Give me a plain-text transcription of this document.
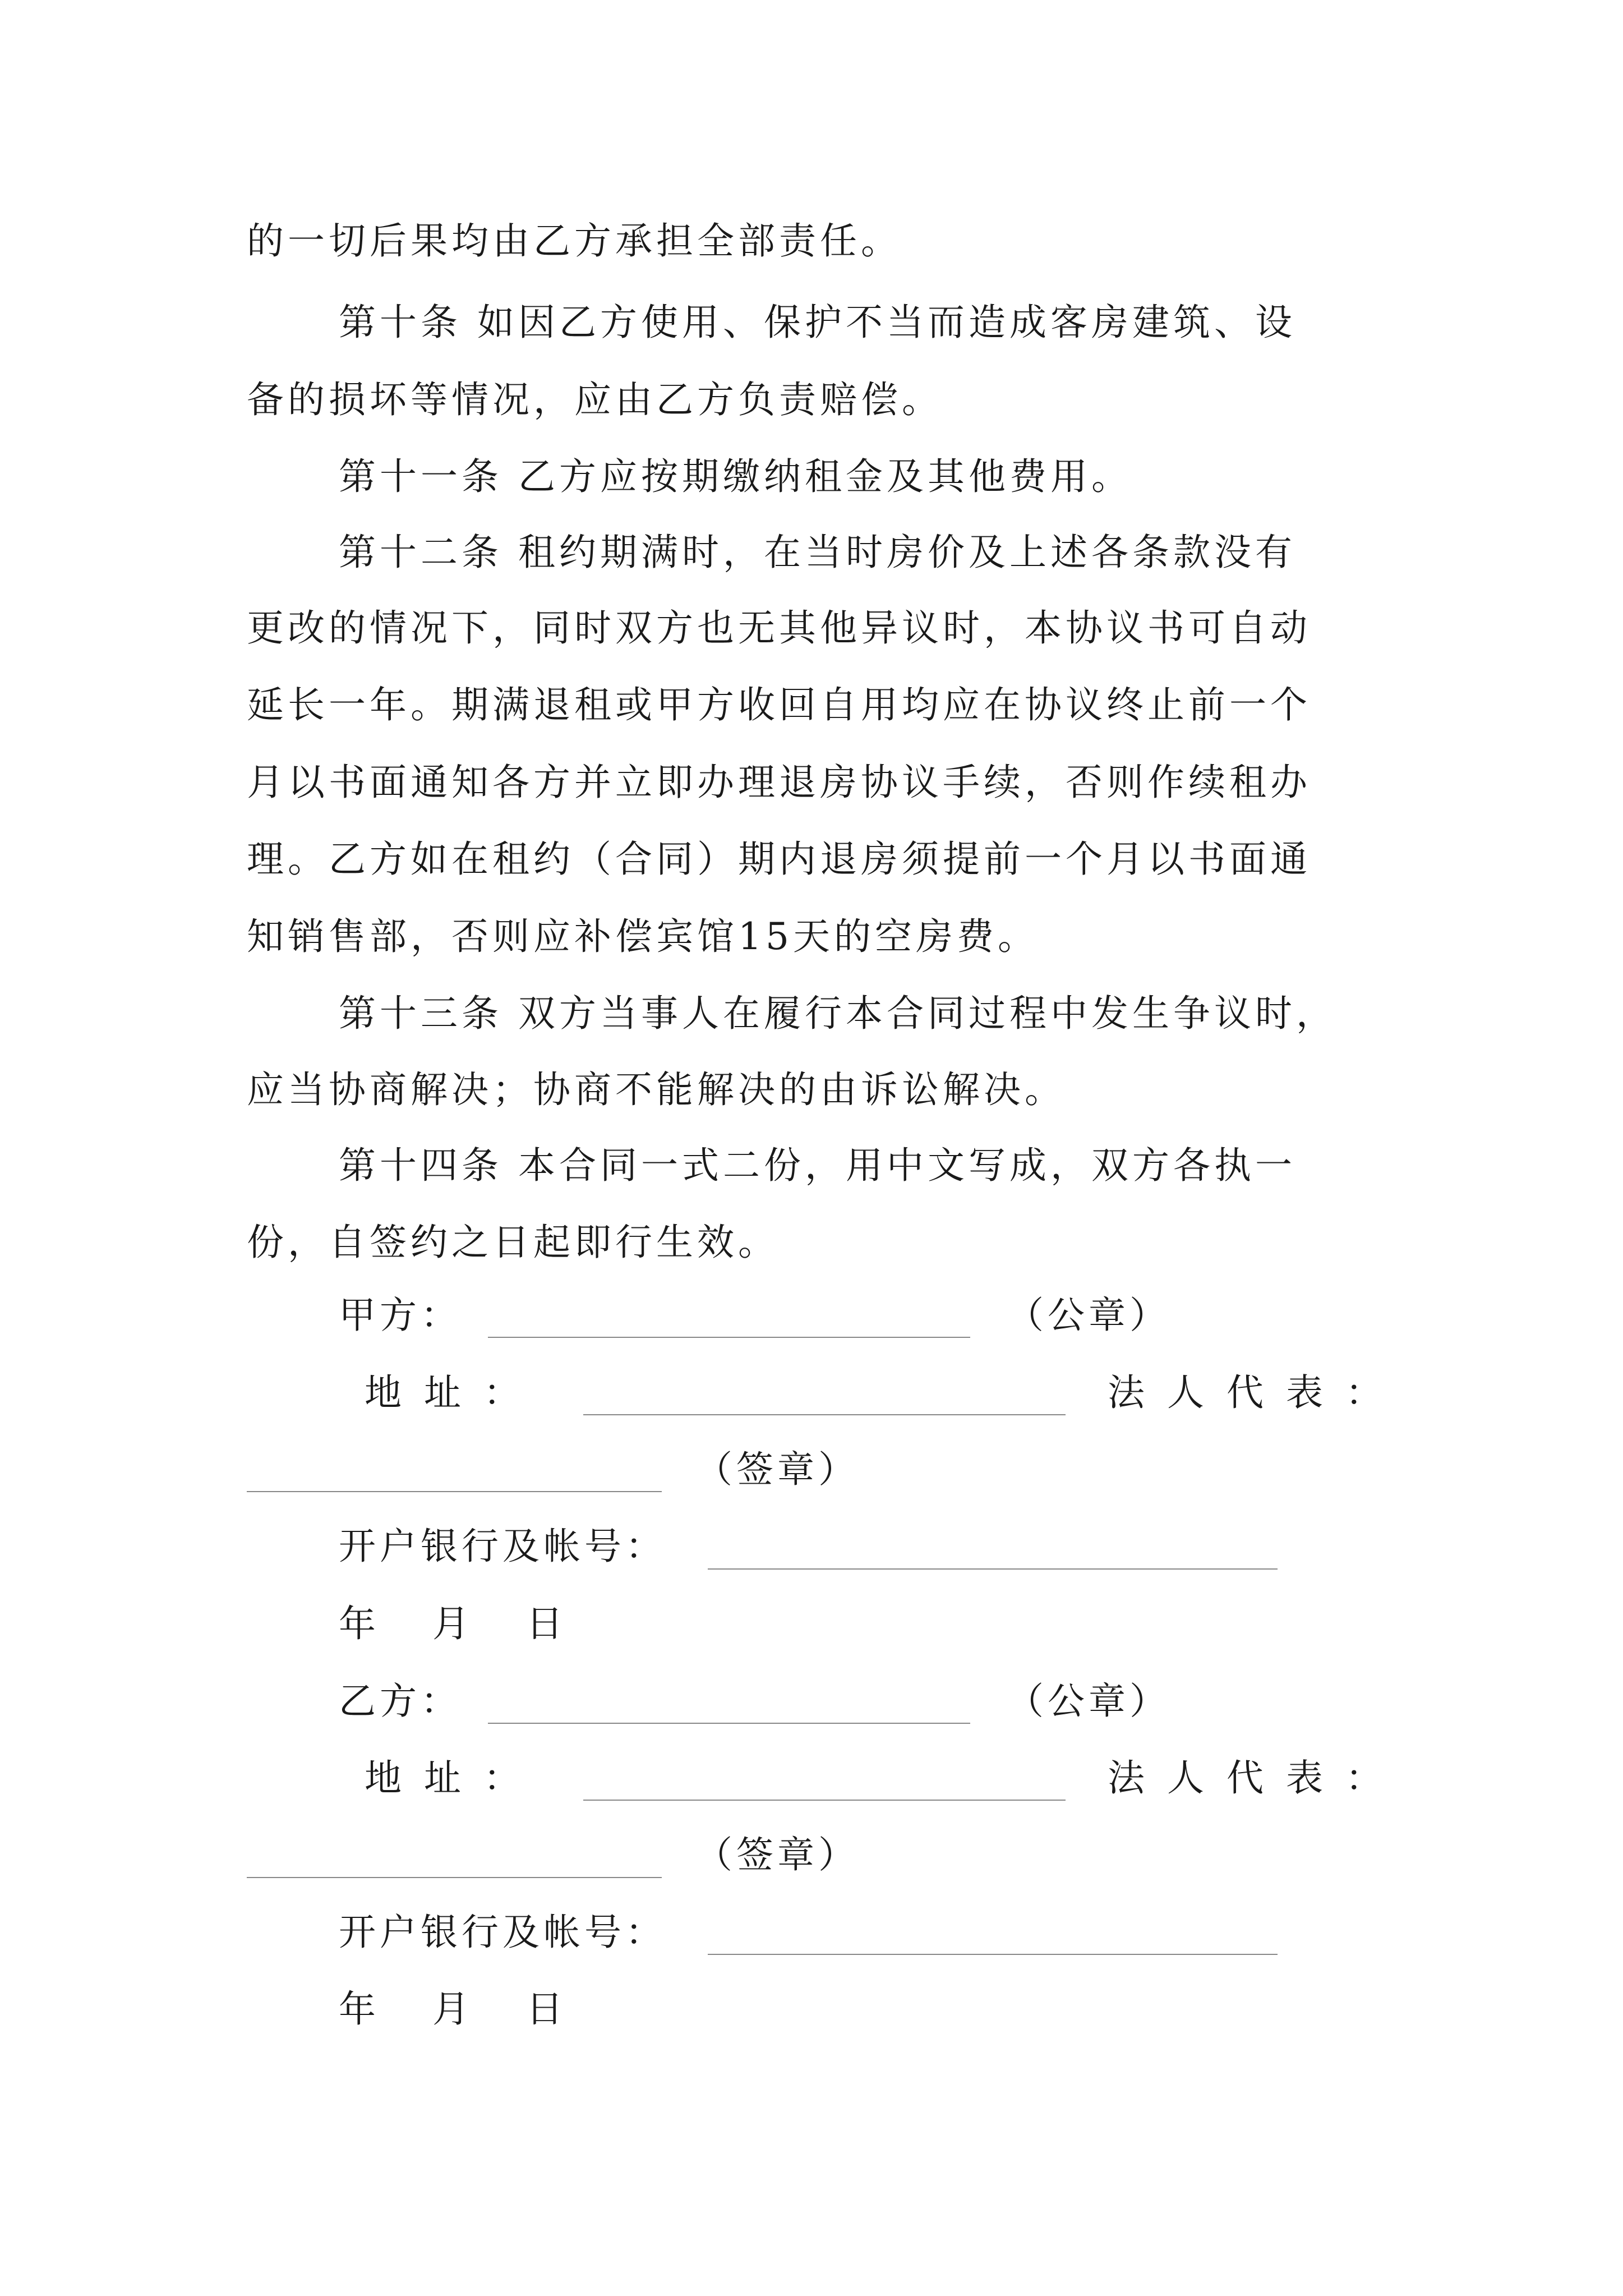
的一切后果均由乙方承担全部责任。
第十条 如因乙方使用、保护不当而造成客房建筑、设
备的损坏等情况，应由乙方负责赔偿。
第十一条 乙方应按期缴纳租金及其他费用。
第十二条 租约期满时，在当时房价及上述各条款没有
更改的情况下，同时双方也无其他异议时，本协议书可自动
延长一年。期满退租或甲方收回自用均应在协议终止前一个
月以书面通知各方并立即办理退房协议手续，否则作续租办
理。乙方如在租约（合同）期内退房须提前一个月以书面通
知销售部，否则应补偿宾馆15天的空房费。
第十三条 双方当事人在履行本合同过程中发生争议时，
应当协商解决；协商不能解决的由诉讼解决。
第十四条 本合同一式二份，用中文写成，双方各执一
份，自签约之日起即行生效。
甲方：	（公章）
地址：	法人代表：
（签章）
开户银行及帐号：
年 月 日
乙方：	（公章）
地址：	法人代表：
（签章）
开户银行及帐号：
年 月 日
